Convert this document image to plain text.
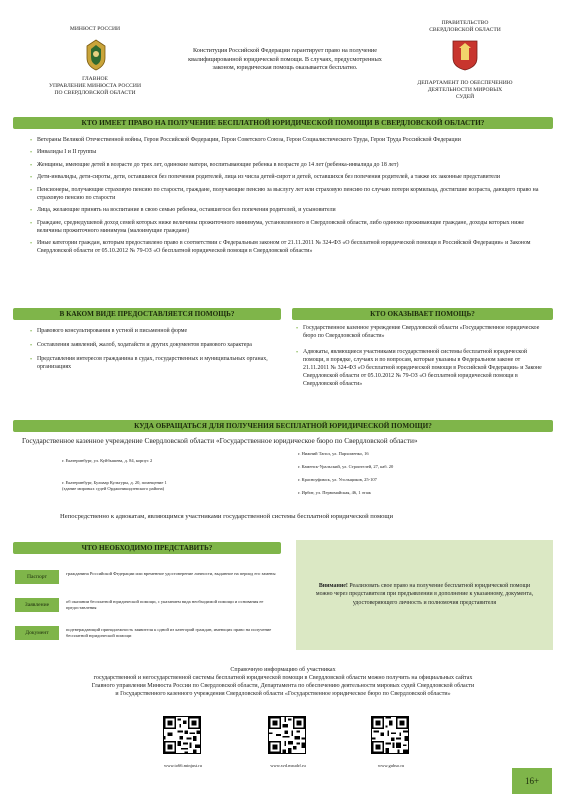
МИНЮСТ РОССИИ
ГЛАВНОЕ
УПРАВЛЕНИЕ МИНЮСТА РОССИИ
ПО СВЕРДЛОВСКОЙ ОБЛАСТИ
Конституция Российской Федерации гарантирует право на получение
квалифицированной юридической помощи. В случаях, предусмотренных
законом, юридическая помощь оказывается бесплатно.
ПРАВИТЕЛЬСТВО
СВЕРДЛОВСКОЙ ОБЛАСТИ
ДЕПАРТАМЕНТ ПО ОБЕСПЕЧЕНИЮ
ДЕЯТЕЛЬНОСТИ МИРОВЫХ
СУДЕЙ
КТО ИМЕЕТ ПРАВО НА ПОЛУЧЕНИЕ БЕСПЛАТНОЙ ЮРИДИЧЕСКОЙ ПОМОЩИ В СВЕРДЛОВСКОЙ ОБЛАСТИ?
• Ветераны Великой Отечественной войны, Герои Российской Федерации, Герои Советского Союза, Герои Социалистического Труда, Герои Труда Российской Федерации
• Инвалиды I и II группы
• Женщины, имеющие детей в возрасте до трех лет, одинокие матери, воспитывающие ребенка в возрасте до 14 лет (ребенка-инвалида до 18 лет)
• Дети-инвалиды, дети-сироты, дети, оставшиеся без попечения родителей, лица из числа детей-сирот и детей, оставшихся без попечения родителей, а также их законные представители
• Пенсионеры, получающие страховую пенсию по старости, граждане, получающие пенсию за выслугу лет или страховую пенсию по случаю потери кормильца, достигшие возраста, дающего право на страховую пенсию по старости
• Лица, желающие принять на воспитание в свою семью ребенка, оставшегося без попечения родителей, и усыновители
• Граждане, среднедушевой доход семей которых ниже величины прожиточного минимума, установленного в Свердловской области, либо одиноко проживающие граждане, доходы которых ниже величины прожиточного минимума (малоимущие граждане)
• Иные категории граждан, которым предоставлено право в соответствии с Федеральным законом от 21.11.2011 № 324-ФЗ «О бесплатной юридической помощи в Российской Федерации» и Законом Свердловской области от 05.10.2012 № 79-ОЗ «О бесплатной юридической помощи в Свердловской области»
В КАКОМ ВИДЕ ПРЕДОСТАВЛЯЕТСЯ ПОМОЩЬ?
• Правового консультирования в устной и письменной форме
• Составления заявлений, жалоб, ходатайств и других документов правового характера
• Представления интересов гражданина в судах, государственных и муниципальных органах, организациях
КТО ОКАЗЫВАЕТ ПОМОЩЬ?
• Государственное казенное учреждение Свердловской области «Государственное юридическое бюро по Свердловской области»
• Адвокаты, являющиеся участниками государственной системы бесплатной юридической помощи, в порядке, случаях и по вопросам, которые указаны в Федеральном законе от 21.11.2011 № 324-ФЗ «О бесплатной юридической помощи в Российской Федерации» и Законе Свердловской области от 05.10.2012 № 79-ОЗ «О бесплатной юридической помощи в Свердловской области»
КУДА ОБРАЩАТЬСЯ ДЛЯ ПОЛУЧЕНИЯ БЕСПЛАТНОЙ ЮРИДИЧЕСКОЙ ПОМОЩИ?
Государственное казенное учреждение Свердловской области «Государственное юридическое бюро по Свердловской области»
г. Екатеринбург, ул. Куйбышева, д. 84, корпус 2
г. Екатеринбург, Бульвар Культуры, д. 20, помещение 1
(здание мировых судей Орджоникидзевского района)
г. Нижний Тагил, ул. Пархоменко, 16
г. Каменск-Уральский, ул. Строителей, 27, каб. 20
г. Красноуфимск, ул. Угольщиков, 25-107
г. Ирбит, ул. Первомайская, 46, 1 этаж
Непосредственно к адвокатам, являющимся участниками государственной системы бесплатной юридической помощи
ЧТО НЕОБХОДИМО ПРЕДСТАВИТЬ?
Паспорт
гражданина Российской Федерации или временное удостоверение личности, выданное на период его замены
Заявление
об оказании бесплатной юридической помощи, с указанием вида необходимой помощи и основания ее предоставления
Документ
подтверждающий принадлежность заявителя к одной из категорий граждан, имеющих право на получение бесплатной юридической помощи
Внимание! Реализовать свое право на получение бесплатной юридической помощи можно через представителя при предъявлении в дополнение к указанному, документа, удостоверяющего личность и полномочия представителя
Справочную информацию об участниках
государственной и негосударственной системы бесплатной юридической помощи в Свердловской области можно получить на официальных сайтах
Главного управления Минюста России по Свердловской области, Департамента по обеспечению деятельности мировых судей Свердловской области
и Государственного казенного учреждения Свердловской области «Государственное юридическое бюро по Свердловской области»
www.to66.minjust.ru	www.svd.msudrf.ru	www.gubso.ru
16+
